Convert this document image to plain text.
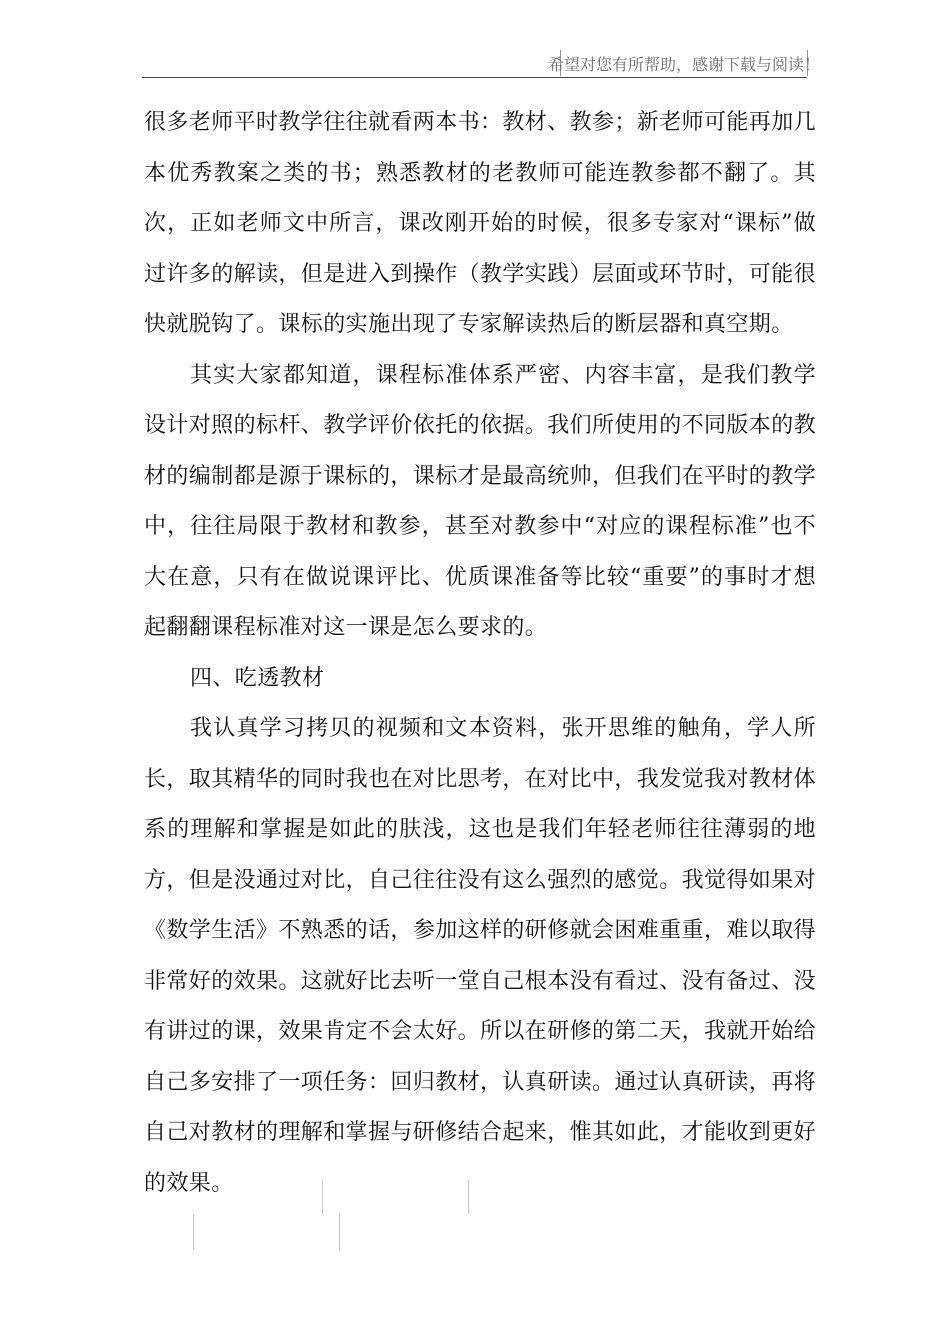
希望对您有所帮助，感谢下载与阅读！

很多老师平时教学往往就看两本书：教材、教参；新老师可能再加几本优秀教案之类的书；熟悉教材的老教师可能连教参都不翻了。其次，正如老师文中所言，课改刚开始的时候，很多专家对“课标”做过许多的解读，但是进入到操作（教学实践）层面或环节时，可能很快就脱钩了。课标的实施出现了专家解读热后的断层器和真空期。

其实大家都知道，课程标准体系严密、内容丰富，是我们教学设计对照的标杆、教学评价依托的依据。我们所使用的不同版本的教材的编制都是源于课标的，课标才是最高统帅，但我们在平时的教学中，往往局限于教材和教参，甚至对教参中“对应的课程标准”也不大在意，只有在做说课评比、优质课准备等比较“重要”的事时才想起翻翻课程标准对这一课是怎么要求的。

四、吃透教材

我认真学习拷贝的视频和文本资料，张开思维的触角，学人所长，取其精华的同时我也在对比思考，在对比中，我发觉我对教材体系的理解和掌握是如此的肤浅，这也是我们年轻老师往往薄弱的地方，但是没通过对比，自己往往没有这么强烈的感觉。我觉得如果对《数学生活》不熟悉的话，参加这样的研修就会困难重重，难以取得非常好的效果。这就好比去听一堂自己根本没有看过、没有备过、没有讲过的课，效果肯定不会太好。所以在研修的第二天，我就开始给自己多安排了一项任务：回归教材，认真研读。通过认真研读，再将自己对教材的理解和掌握与研修结合起来，惟其如此，才能收到更好的效果。
